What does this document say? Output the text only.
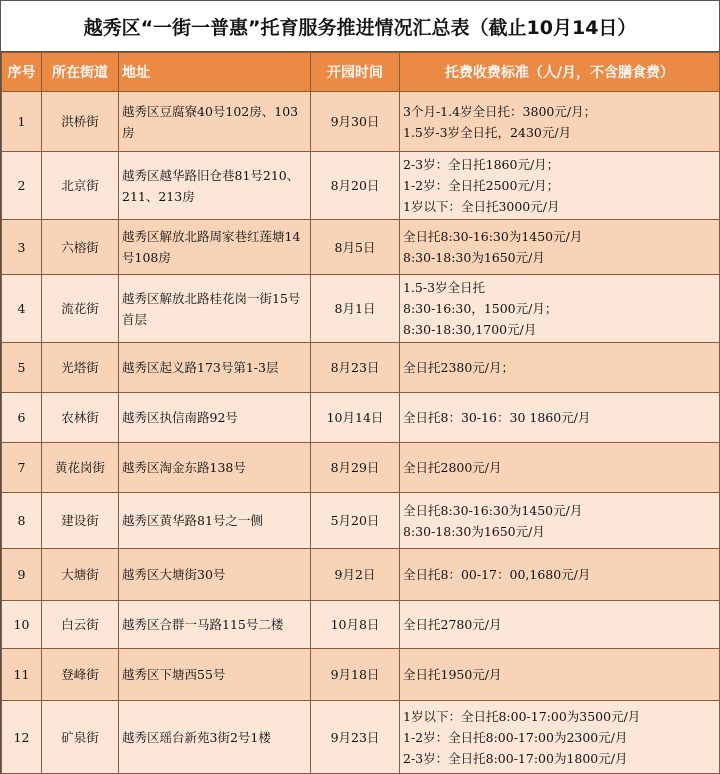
越秀区“一街一普惠”托育服务推进情况汇总表（截止10月14日）
序号	所在街道	地址	开园时间	托费收费标准（人/月，不含膳食费）
1	洪桥街	越秀区豆腐寮40号102房、103房	9月30日	3个月-1.4岁全日托：3800元/月；
1.5岁-3岁全日托，2430元/月

2	北京街	越秀区越华路旧仓巷81号210、211、213房	8月20日	2-3岁：全日托1860元/月；
1-2岁：全日托2500元/月；
1岁以下：全日托3000元/月

3	六榕街	越秀区解放北路周家巷红莲塘14号108房	8月5日	全日托8:30-16:30为1450元/月
8:30-18:30为1650元/月

4	流花街	越秀区解放北路桂花岗一街15号首层	8月1日	1.5-3岁全日托
8:30-16:30，1500元/月；
8:30-18:30,1700元/月

5	光塔街	越秀区起义路173号第1-3层	8月23日	全日托2380元/月；

6	农林街	越秀区执信南路92号	10月14日	全日托8：30-16：30 1860元/月

7	黄花岗街	越秀区淘金东路138号	8月29日	全日托2800元/月

8	建设街	越秀区黄华路81号之一侧	5月20日	全日托8:30-16:30为1450元/月
8:30-18:30为1650元/月

9	大塘街	越秀区大塘街30号	9月2日	全日托8：00-17：00,1680元/月

10	白云街	越秀区合群一马路115号二楼	10月8日	全日托2780元/月

11	登峰街	越秀区下塘西55号	9月18日	全日托1950元/月

12	矿泉街	越秀区瑶台新苑3街2号1楼	9月23日	1岁以下：全日托8:00-17:00为3500元/月
1-2岁：全日托8:00-17:00为2300元/月
2-3岁：全日托8:00-17:00为1800元/月
